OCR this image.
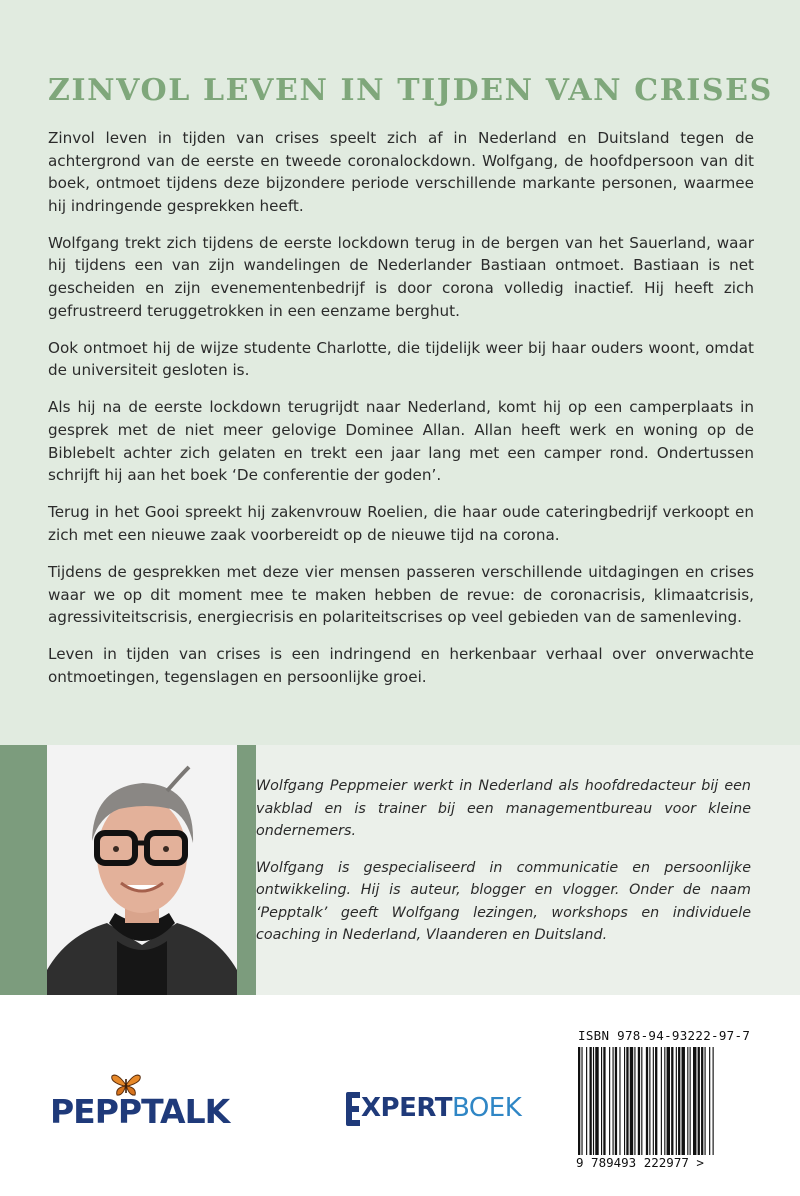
ZINVOL LEVEN IN TIJDEN VAN CRISES

Zinvol leven in tijden van crises speelt zich af in Nederland en Duitsland tegen de achtergrond van de eerste en tweede coronalockdown. Wolfgang, de hoofdpersoon van dit boek, ontmoet tijdens deze bijzondere periode verschillende markante personen, waarmee hij indringende gesprekken heeft.

Wolfgang trekt zich tijdens de eerste lockdown terug in de bergen van het Sauerland, waar hij tijdens een van zijn wandelingen de Nederlander Bastiaan ontmoet. Bastiaan is net gescheiden en zijn evenementenbedrijf is door corona volledig inactief. Hij heeft zich gefrustreerd teruggetrokken in een eenzame berghut.

Ook ontmoet hij de wijze studente Charlotte, die tijdelijk weer bij haar ouders woont, omdat de universiteit gesloten is.

Als hij na de eerste lockdown terugrijdt naar Nederland, komt hij op een camperplaats in gesprek met de niet meer gelovige Dominee Allan. Allan heeft werk en woning op de Biblebelt achter zich gelaten en trekt een jaar lang met een camper rond. Ondertussen schrijft hij aan het boek ‘De conferentie der goden’.

Terug in het Gooi spreekt hij zakenvrouw Roelien, die haar oude cateringbedrijf verkoopt en zich met een nieuwe zaak voorbereidt op de nieuwe tijd na corona.

Tijdens de gesprekken met deze vier mensen passeren verschillende uitdagingen en crises waar we op dit moment mee te maken hebben de revue: de coronacrisis, klimaatcrisis, agressiviteitscrisis, energiecrisis en polariteitscrises op veel gebieden van de samenleving.

Leven in tijden van crises is een indringend en herkenbaar verhaal over onverwachte ontmoetingen, tegenslagen en persoonlijke groei.

Wolfgang Peppmeier werkt in Nederland als hoofdredacteur bij een vakblad en is trainer bij een managementbureau voor kleine ondernemers.

Wolfgang is gespecialiseerd in communicatie en persoonlijke ontwikkeling. Hij is auteur, blogger en vlogger. Onder de naam ‘Pepptalk’ geeft Wolfgang lezingen, workshops en individuele coaching in Nederland, Vlaanderen en Duitsland.

PEPPTALK	XPERTBOEK
ISBN 978-94-93222-97-7
9 789493 222977 >
